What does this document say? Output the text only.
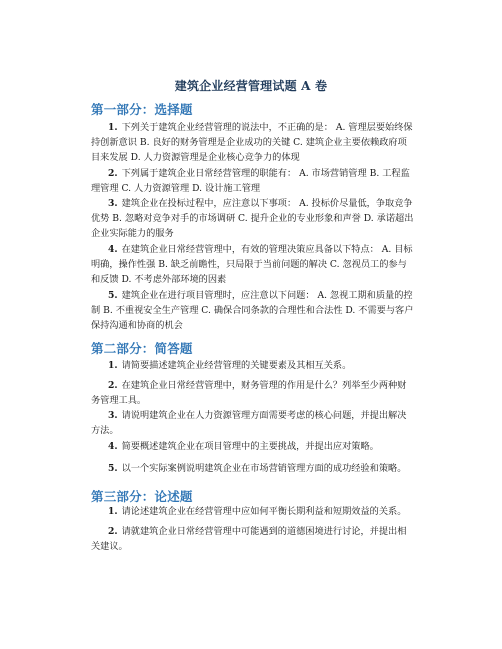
建筑企业经营管理试题 A 卷
第一部分：选择题

1. 下列关于建筑企业经营管理的说法中，不正确的是： A. 管理层要始终保持创新意识 B. 良好的财务管理是企业成功的关键 C. 建筑企业主要依赖政府项目来发展 D. 人力资源管理是企业核心竞争力的体现

2. 下列属于建筑企业日常经营管理的职能有： A. 市场营销管理 B. 工程监理管理 C. 人力资源管理 D. 设计施工管理

3. 建筑企业在投标过程中，应注意以下事项： A. 投标价尽量低，争取竞争优势 B. 忽略对竞争对手的市场调研 C. 提升企业的专业形象和声誉 D. 承诺超出企业实际能力的服务

4. 在建筑企业日常经营管理中，有效的管理决策应具备以下特点： A. 目标明确，操作性强 B. 缺乏前瞻性，只局限于当前问题的解决 C. 忽视员工的参与和反馈 D. 不考虑外部环境的因素

5. 建筑企业在进行项目管理时，应注意以下问题： A. 忽视工期和质量的控制 B. 不重视安全生产管理 C. 确保合同条款的合理性和合法性 D. 不需要与客户保持沟通和协商的机会

第二部分：简答题

1. 请简要描述建筑企业经营管理的关键要素及其相互关系。

2. 在建筑企业日常经营管理中，财务管理的作用是什么？列举至少两种财务管理工具。

3. 请说明建筑企业在人力资源管理方面需要考虑的核心问题，并提出解决方法。

4. 简要概述建筑企业在项目管理中的主要挑战，并提出应对策略。

5. 以一个实际案例说明建筑企业在市场营销管理方面的成功经验和策略。

第三部分：论述题

1. 请论述建筑企业在经营管理中应如何平衡长期利益和短期效益的关系。

2. 请就建筑企业日常经营管理中可能遇到的道德困境进行讨论，并提出相关建议。
